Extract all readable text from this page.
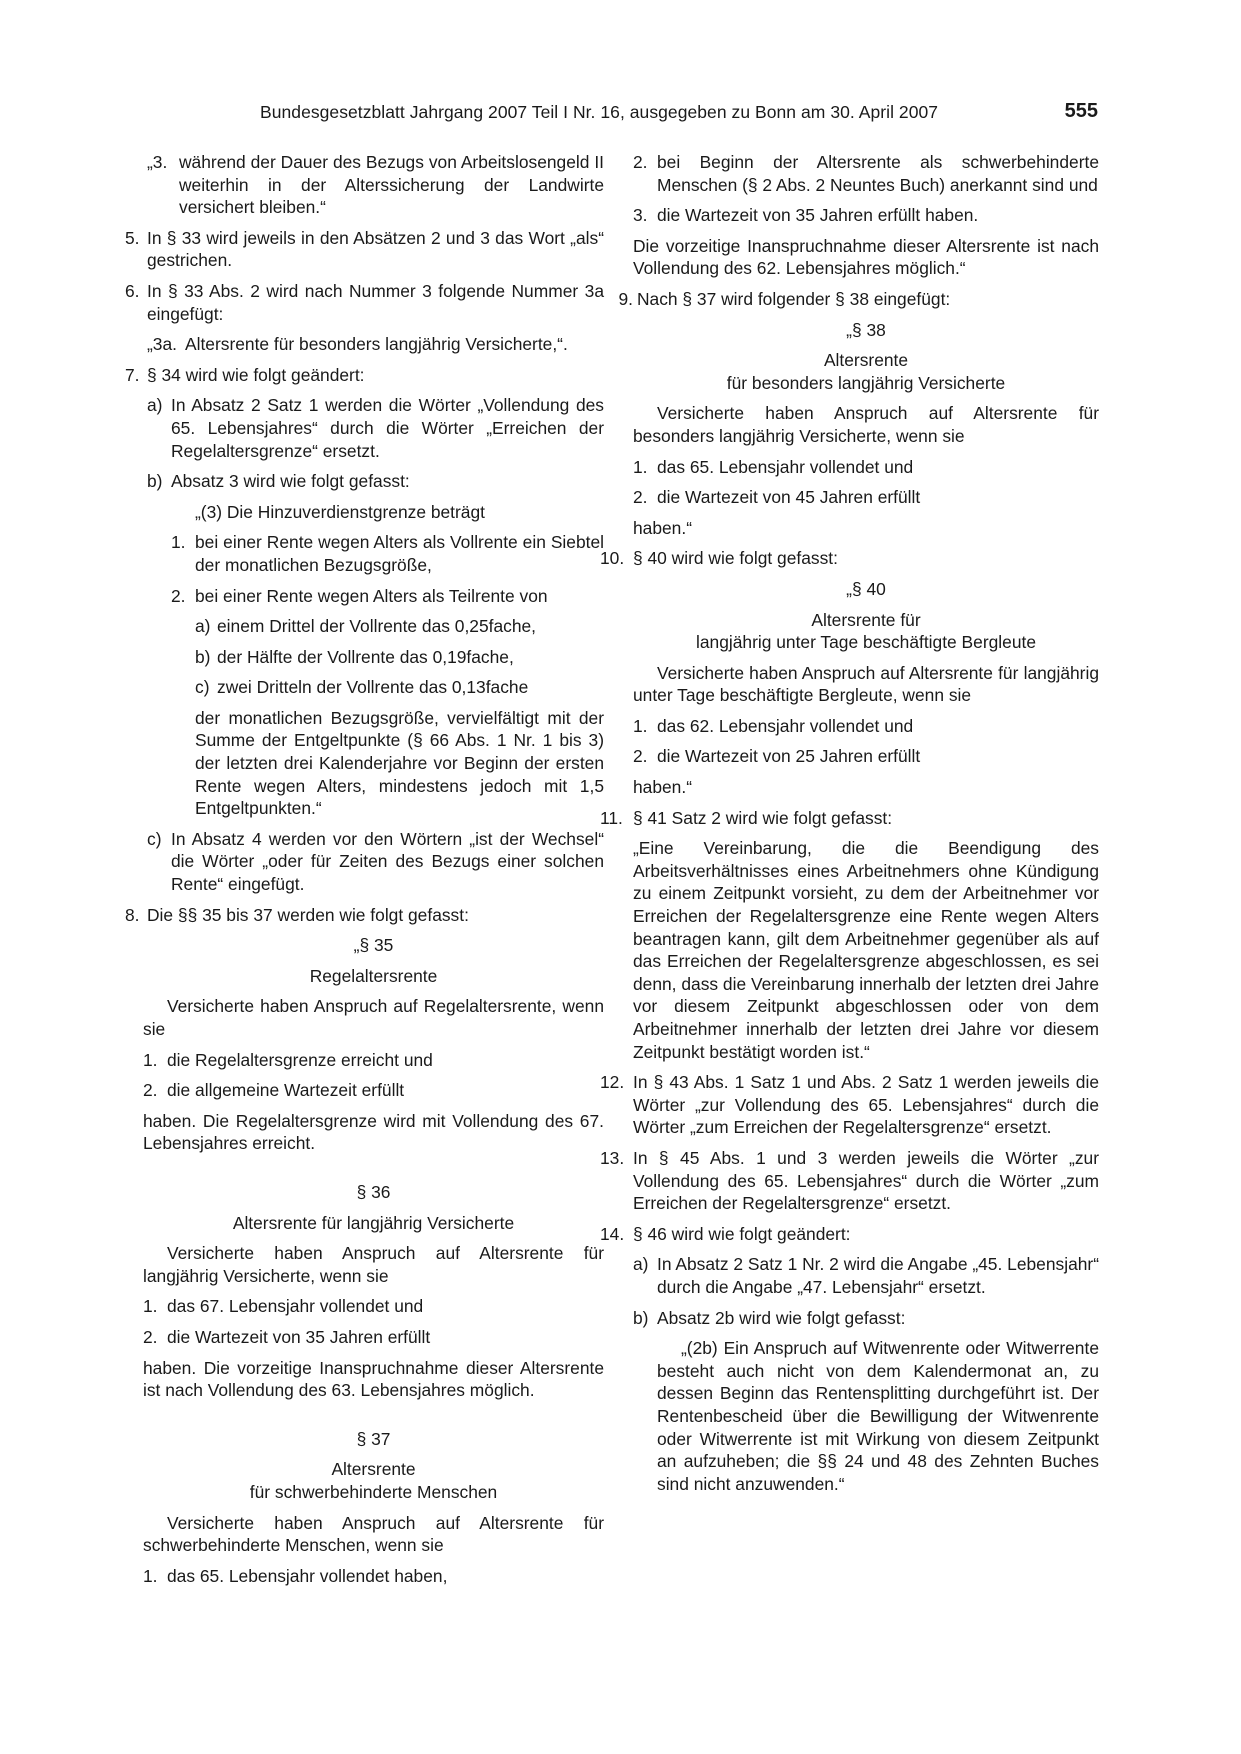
Bundesgesetzblatt Jahrgang 2007 Teil I Nr. 16, ausgegeben zu Bonn am 30. April 2007	555
„3. während der Dauer des Bezugs von Arbeitslosengeld II weiterhin in der Alterssicherung der Landwirte versichert bleiben.“
5. In § 33 wird jeweils in den Absätzen 2 und 3 das Wort „als“ gestrichen.
6. In § 33 Abs. 2 wird nach Nummer 3 folgende Nummer 3a eingefügt:
„3a. Altersrente für besonders langjährig Versicherte,“.
7. § 34 wird wie folgt geändert:
a) In Absatz 2 Satz 1 werden die Wörter „Vollendung des 65. Lebensjahres“ durch die Wörter „Erreichen der Regelaltersgrenze“ ersetzt.
b) Absatz 3 wird wie folgt gefasst:

„(3) Die Hinzuverdienstgrenze beträgt

1. bei einer Rente wegen Alters als Vollrente ein Siebtel der monatlichen Bezugsgröße,
2. bei einer Rente wegen Alters als Teilrente von
a) einem Drittel der Vollrente das 0,25fache,
b) der Hälfte der Vollrente das 0,19fache,
c) zwei Dritteln der Vollrente das 0,13fache

der monatlichen Bezugsgröße, vervielfältigt mit der Summe der Entgeltpunkte (§ 66 Abs. 1 Nr. 1 bis 3) der letzten drei Kalenderjahre vor Beginn der ersten Rente wegen Alters, mindestens jedoch mit 1,5 Entgeltpunkten.“

c) In Absatz 4 werden vor den Wörtern „ist der Wechsel“ die Wörter „oder für Zeiten des Bezugs einer solchen Rente“ eingefügt.
8. Die §§ 35 bis 37 werden wie folgt gefasst:

„§ 35

Regelaltersrente

Versicherte haben Anspruch auf Regelaltersrente, wenn sie

1. die Regelaltersgrenze erreicht und
2. die allgemeine Wartezeit erfüllt

haben. Die Regelaltersgrenze wird mit Vollendung des 67. Lebensjahres erreicht.

§ 36

Altersrente für langjährig Versicherte

Versicherte haben Anspruch auf Altersrente für langjährig Versicherte, wenn sie

1. das 67. Lebensjahr vollendet und
2. die Wartezeit von 35 Jahren erfüllt

haben. Die vorzeitige Inanspruchnahme dieser Altersrente ist nach Vollendung des 63. Lebensjahres möglich.

§ 37

Altersrente

für schwerbehinderte Menschen

Versicherte haben Anspruch auf Altersrente für schwerbehinderte Menschen, wenn sie

1. das 65. Lebensjahr vollendet haben,
2. bei Beginn der Altersrente als schwerbehinderte Menschen (§ 2 Abs. 2 Neuntes Buch) anerkannt sind und
3. die Wartezeit von 35 Jahren erfüllt haben.

Die vorzeitige Inanspruchnahme dieser Altersrente ist nach Vollendung des 62. Lebensjahres möglich.“

9. Nach § 37 wird folgender § 38 eingefügt:

„§ 38

Altersrente

für besonders langjährig Versicherte

Versicherte haben Anspruch auf Altersrente für besonders langjährig Versicherte, wenn sie

1. das 65. Lebensjahr vollendet und
2. die Wartezeit von 45 Jahren erfüllt

haben.“

10. § 40 wird wie folgt gefasst:

„§ 40

Altersrente für

langjährig unter Tage beschäftigte Bergleute

Versicherte haben Anspruch auf Altersrente für langjährig unter Tage beschäftigte Bergleute, wenn sie

1. das 62. Lebensjahr vollendet und
2. die Wartezeit von 25 Jahren erfüllt

haben.“

11. § 41 Satz 2 wird wie folgt gefasst:

„Eine Vereinbarung, die die Beendigung des Arbeitsverhältnisses eines Arbeitnehmers ohne Kündigung zu einem Zeitpunkt vorsieht, zu dem der Arbeitnehmer vor Erreichen der Regelaltersgrenze eine Rente wegen Alters beantragen kann, gilt dem Arbeitnehmer gegenüber als auf das Erreichen der Regelaltersgrenze abgeschlossen, es sei denn, dass die Vereinbarung innerhalb der letzten drei Jahre vor diesem Zeitpunkt abgeschlossen oder von dem Arbeitnehmer innerhalb der letzten drei Jahre vor diesem Zeitpunkt bestätigt worden ist.“

12. In § 43 Abs. 1 Satz 1 und Abs. 2 Satz 1 werden jeweils die Wörter „zur Vollendung des 65. Lebensjahres“ durch die Wörter „zum Erreichen der Regelaltersgrenze“ ersetzt.
13. In § 45 Abs. 1 und 3 werden jeweils die Wörter „zur Vollendung des 65. Lebensjahres“ durch die Wörter „zum Erreichen der Regelaltersgrenze“ ersetzt.
14. § 46 wird wie folgt geändert:
a) In Absatz 2 Satz 1 Nr. 2 wird die Angabe „45. Lebensjahr“ durch die Angabe „47. Lebensjahr“ ersetzt.
b) Absatz 2b wird wie folgt gefasst:

„(2b) Ein Anspruch auf Witwenrente oder Witwerrente besteht auch nicht von dem Kalendermonat an, zu dessen Beginn das Rentensplitting durchgeführt ist. Der Rentenbescheid über die Bewilligung der Witwenrente oder Witwerrente ist mit Wirkung von diesem Zeitpunkt an aufzuheben; die §§ 24 und 48 des Zehnten Buches sind nicht anzuwenden.“
